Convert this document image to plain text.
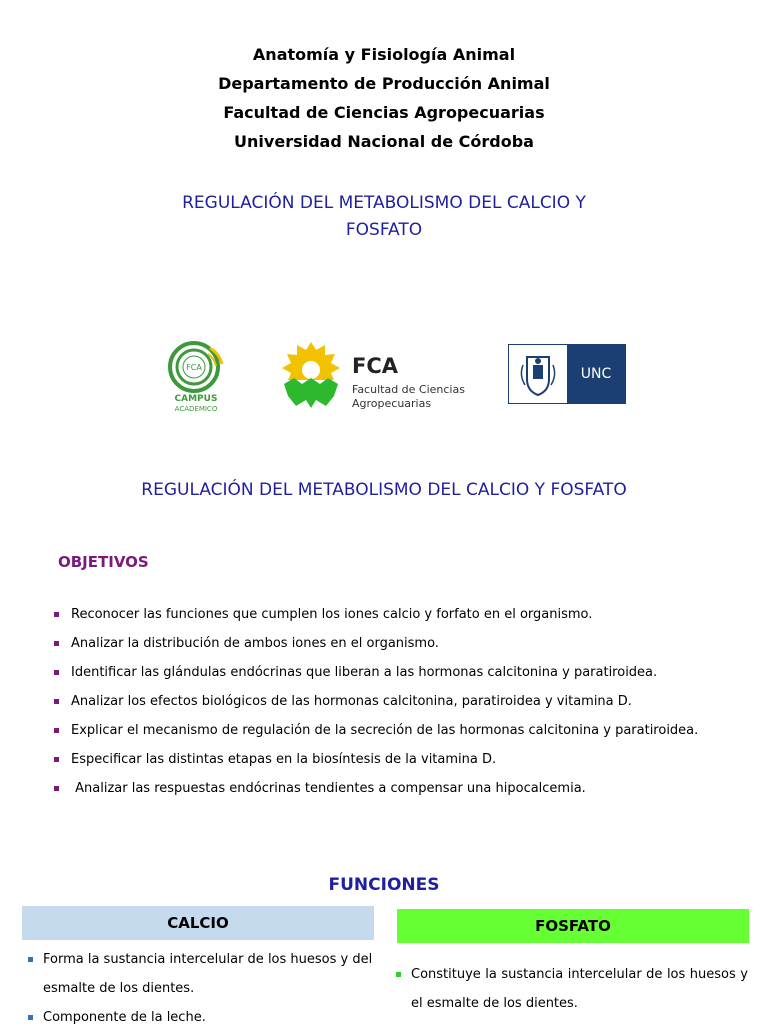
Anatomía y Fisiología Animal
Departamento de Producción Animal
Facultad de Ciencias Agropecuarias
Universidad Nacional de Córdoba
REGULACIÓN DEL METABOLISMO DEL CALCIO Y
FOSFATO
FCA
CAMPUS
ACADEMICO
FCA
Facultad de Ciencias
Agropecuarias
UNC
REGULACIÓN DEL METABOLISMO DEL CALCIO Y FOSFATO
OBJETIVOS
Reconocer las funciones que cumplen los iones calcio y forfato en el organismo.
Analizar la distribución de ambos iones en el organismo.
Identificar las glándulas endócrinas que liberan a las hormonas calcitonina y paratiroidea.
Analizar los efectos biológicos de las hormonas calcitonina, paratiroidea y vitamina D.
Explicar el mecanismo de regulación de la secreción de las hormonas calcitonina y paratiroidea.
Especificar las distintas etapas en la biosíntesis de la vitamina D.
Analizar las respuestas endócrinas tendientes a compensar una hipocalcemia.
FUNCIONES
CALCIO	FOSFATO
Forma la sustancia intercelular de los huesos y del esmalte de los dientes.
Componente de la leche.
Constituye la sustancia intercelular de los huesos y el esmalte de los dientes.
